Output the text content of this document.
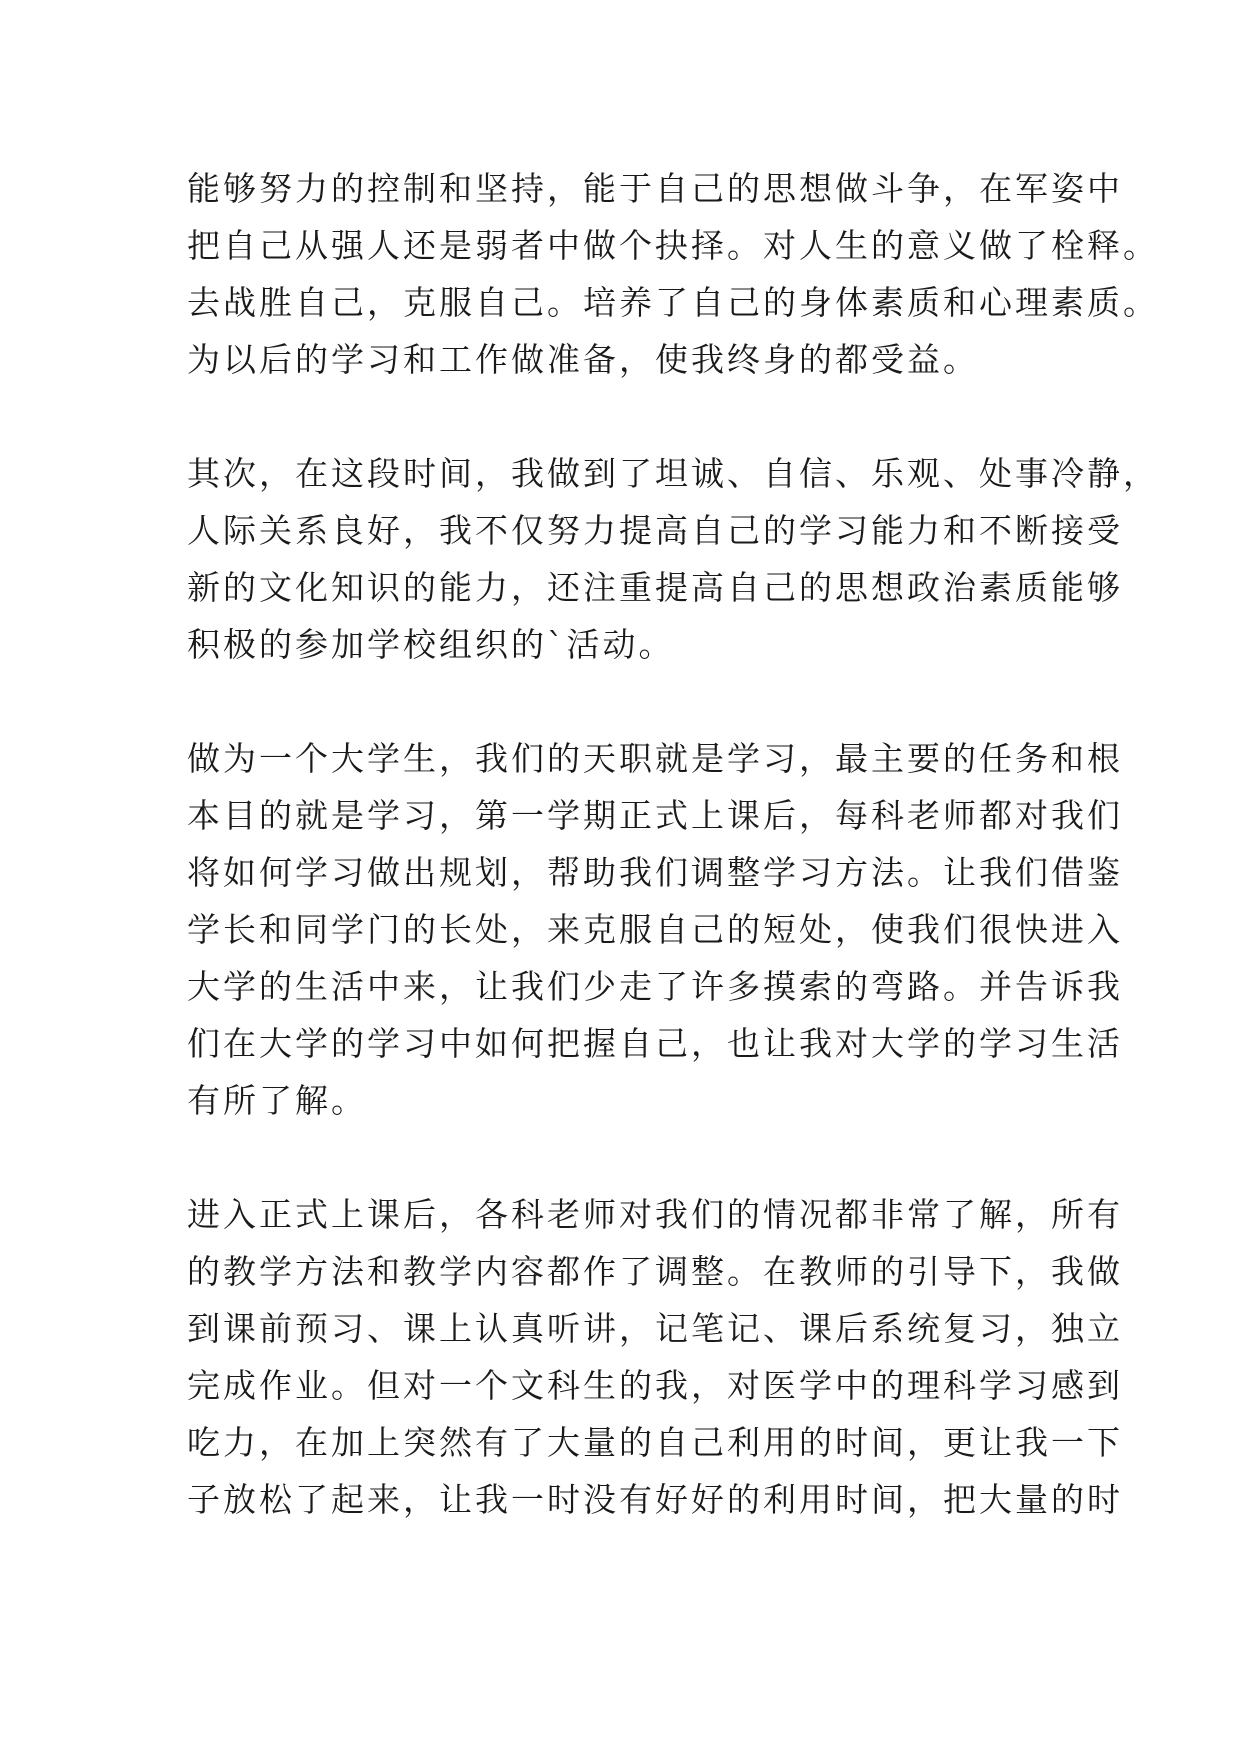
能够努力的控制和坚持，能于自己的思想做斗争，在军姿中
把自己从强人还是弱者中做个抉择。对人生的意义做了栓释。
去战胜自己，克服自己。培养了自己的身体素质和心理素质。
为以后的学习和工作做准备，使我终身的都受益。
其次，在这段时间，我做到了坦诚、自信、乐观、处事冷静，
人际关系良好，我不仅努力提高自己的学习能力和不断接受
新的文化知识的能力，还注重提高自己的思想政治素质能够
积极的参加学校组织的`活动。
做为一个大学生，我们的天职就是学习，最主要的任务和根
本目的就是学习，第一学期正式上课后，每科老师都对我们
将如何学习做出规划，帮助我们调整学习方法。让我们借鉴
学长和同学门的长处，来克服自己的短处，使我们很快进入
大学的生活中来，让我们少走了许多摸索的弯路。并告诉我
们在大学的学习中如何把握自己，也让我对大学的学习生活
有所了解。
进入正式上课后，各科老师对我们的情况都非常了解，所有
的教学方法和教学内容都作了调整。在教师的引导下，我做
到课前预习、课上认真听讲，记笔记、课后系统复习，独立
完成作业。但对一个文科生的我，对医学中的理科学习感到
吃力，在加上突然有了大量的自己利用的时间，更让我一下
子放松了起来，让我一时没有好好的利用时间，把大量的时
